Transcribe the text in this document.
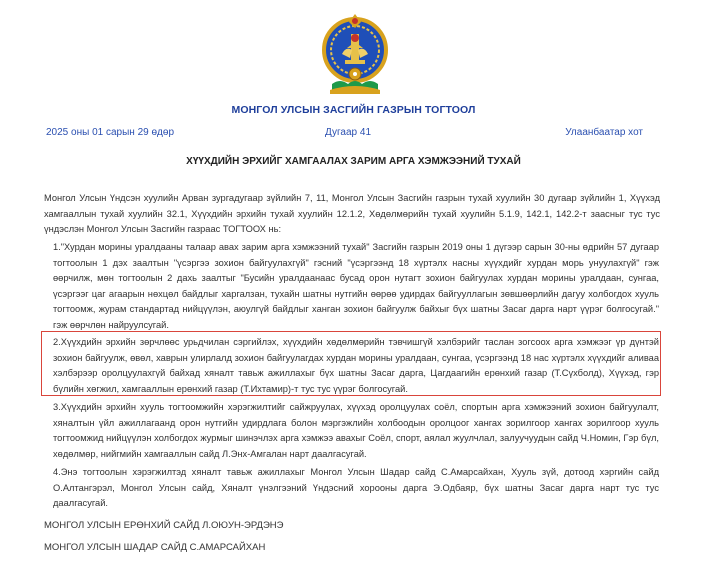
МОНГОЛ УЛСЫН ЗАСГИЙН ГАЗРЫН ТОГТООЛ
2025 оны 01 сарын 29 өдөр	Дугаар 41	Улаанбаатар хот
ХҮҮХДИЙН ЭРХИЙГ ХАМГААЛАХ ЗАРИМ АРГА ХЭМЖЭЭНИЙ ТУХАЙ

Монгол Улсын Үндсэн хуулийн Арван зургадугаар зүйлийн 7, 11, Монгол Улсын Засгийн газрын тухай хуулийн 30 дугаар зүйлийн 1, Хүүхэд хамгааллын тухай хуулийн 32.1, Хүүхдийн эрхийн тухай хуулийн 12.1.2, Хөдөлмөрийн тухай хуулийн 5.1.9, 142.1, 142.2-т заасныг тус тус үндэслэн Монгол Улсын Засгийн газраас ТОГТООХ нь:

1."Хурдан морины уралдааны талаар авах зарим арга хэмжээний тухай" Засгийн газрын 2019 оны 1 дүгээр сарын 30-ны өдрийн 57 дугаар тогтоолын 1 дэх заалтын "үсэргээ зохион байгуулахгүй" гэсний "үсэргээнд 18 хүртэлх насны хүүхдийг хурдан морь унуулахгүй" гэж өөрчилж, мөн тогтоолын 2 дахь заалтыг "Бусийн уралдаанаас бусад орон нутагт зохион байгуулах хурдан морины уралдаан, сунгаа, үсэргээг цаг агаарын нөхцөл байдлыг харгалзан, тухайн шатны нутгийн өөрөө удирдах байгууллагын зөвшөөрлийн дагуу холбогдох хууль тогтоомж, журам стандартад нийцүүлэн, аюулгүй байдлыг ханган зохион байгуулж байхыг бүх шатны Засаг дарга нарт үүрэг болгосугай." гэж өөрчлөн найруулсугай.

2.Хүүхдийн эрхийн зөрчлөөс урьдчилан сэргийлэх, хүүхдийн хөдөлмөрийн тэвчишгүй хэлбэрийг таслан зогсоох арга хэмжээг үр дүнтэй зохион байгуулж, өвөл, хаврын улирлалд зохион байгуулагдах хурдан морины уралдаан, сунгаа, үсэргээнд 18 нас хүртэлх хүүхдийг аливаа хэлбэрээр оролцуулахгүй байхад хяналт тавьж ажиллахыг бүх шатны Засаг дарга, Цагдаагийн ерөнхий газар (Т.Сүхболд), Хүүхэд, гэр бүлийн хөгжил, хамгааллын ерөнхий газар (Т.Ихтамир)-т тус тус үүрэг болгосугай.

3.Хүүхдийн эрхийн хууль тогтоомжийн хэрэгжилтийг сайжруулах, хүүхэд оролцуулах соёл, спортын арга хэмжээний зохион байгуулалт, хяналтын үйл ажиллагаанд орон нутгийн удирдлага болон мэргэжлийн холбоодын оролцоог хангах зорилгоор хангах зорилгоор хууль тогтоомжид нийцүүлэн холбогдох журмыг шинэчлэх арга хэмжээ авахыг Соёл, спорт, аялал жуулчлал, залуучуудын сайд Ч.Номин, Гэр бүл, хөдөлмөр, нийгмийн хамгааллын сайд Л.Энх-Амгалан нарт даалгасугай.

4.Энэ тогтоолын хэрэгжилтэд хяналт тавьж ажиллахыг Монгол Улсын Шадар сайд С.Амарсайхан, Хууль зүй, дотоод хэргийн сайд О.Алтангэрэл, Монгол Улсын сайд, Хяналт үнэлгээний Үндэсний хорооны дарга Э.Одбаяр, бүх шатны Засаг дарга нарт тус тус даалгасугай.

МОНГОЛ УЛСЫН ЕРӨНХИЙ САЙД Л.ОЮУН-ЭРДЭНЭ
МОНГОЛ УЛСЫН ШАДАР САЙД С.АМАРСАЙХАН
